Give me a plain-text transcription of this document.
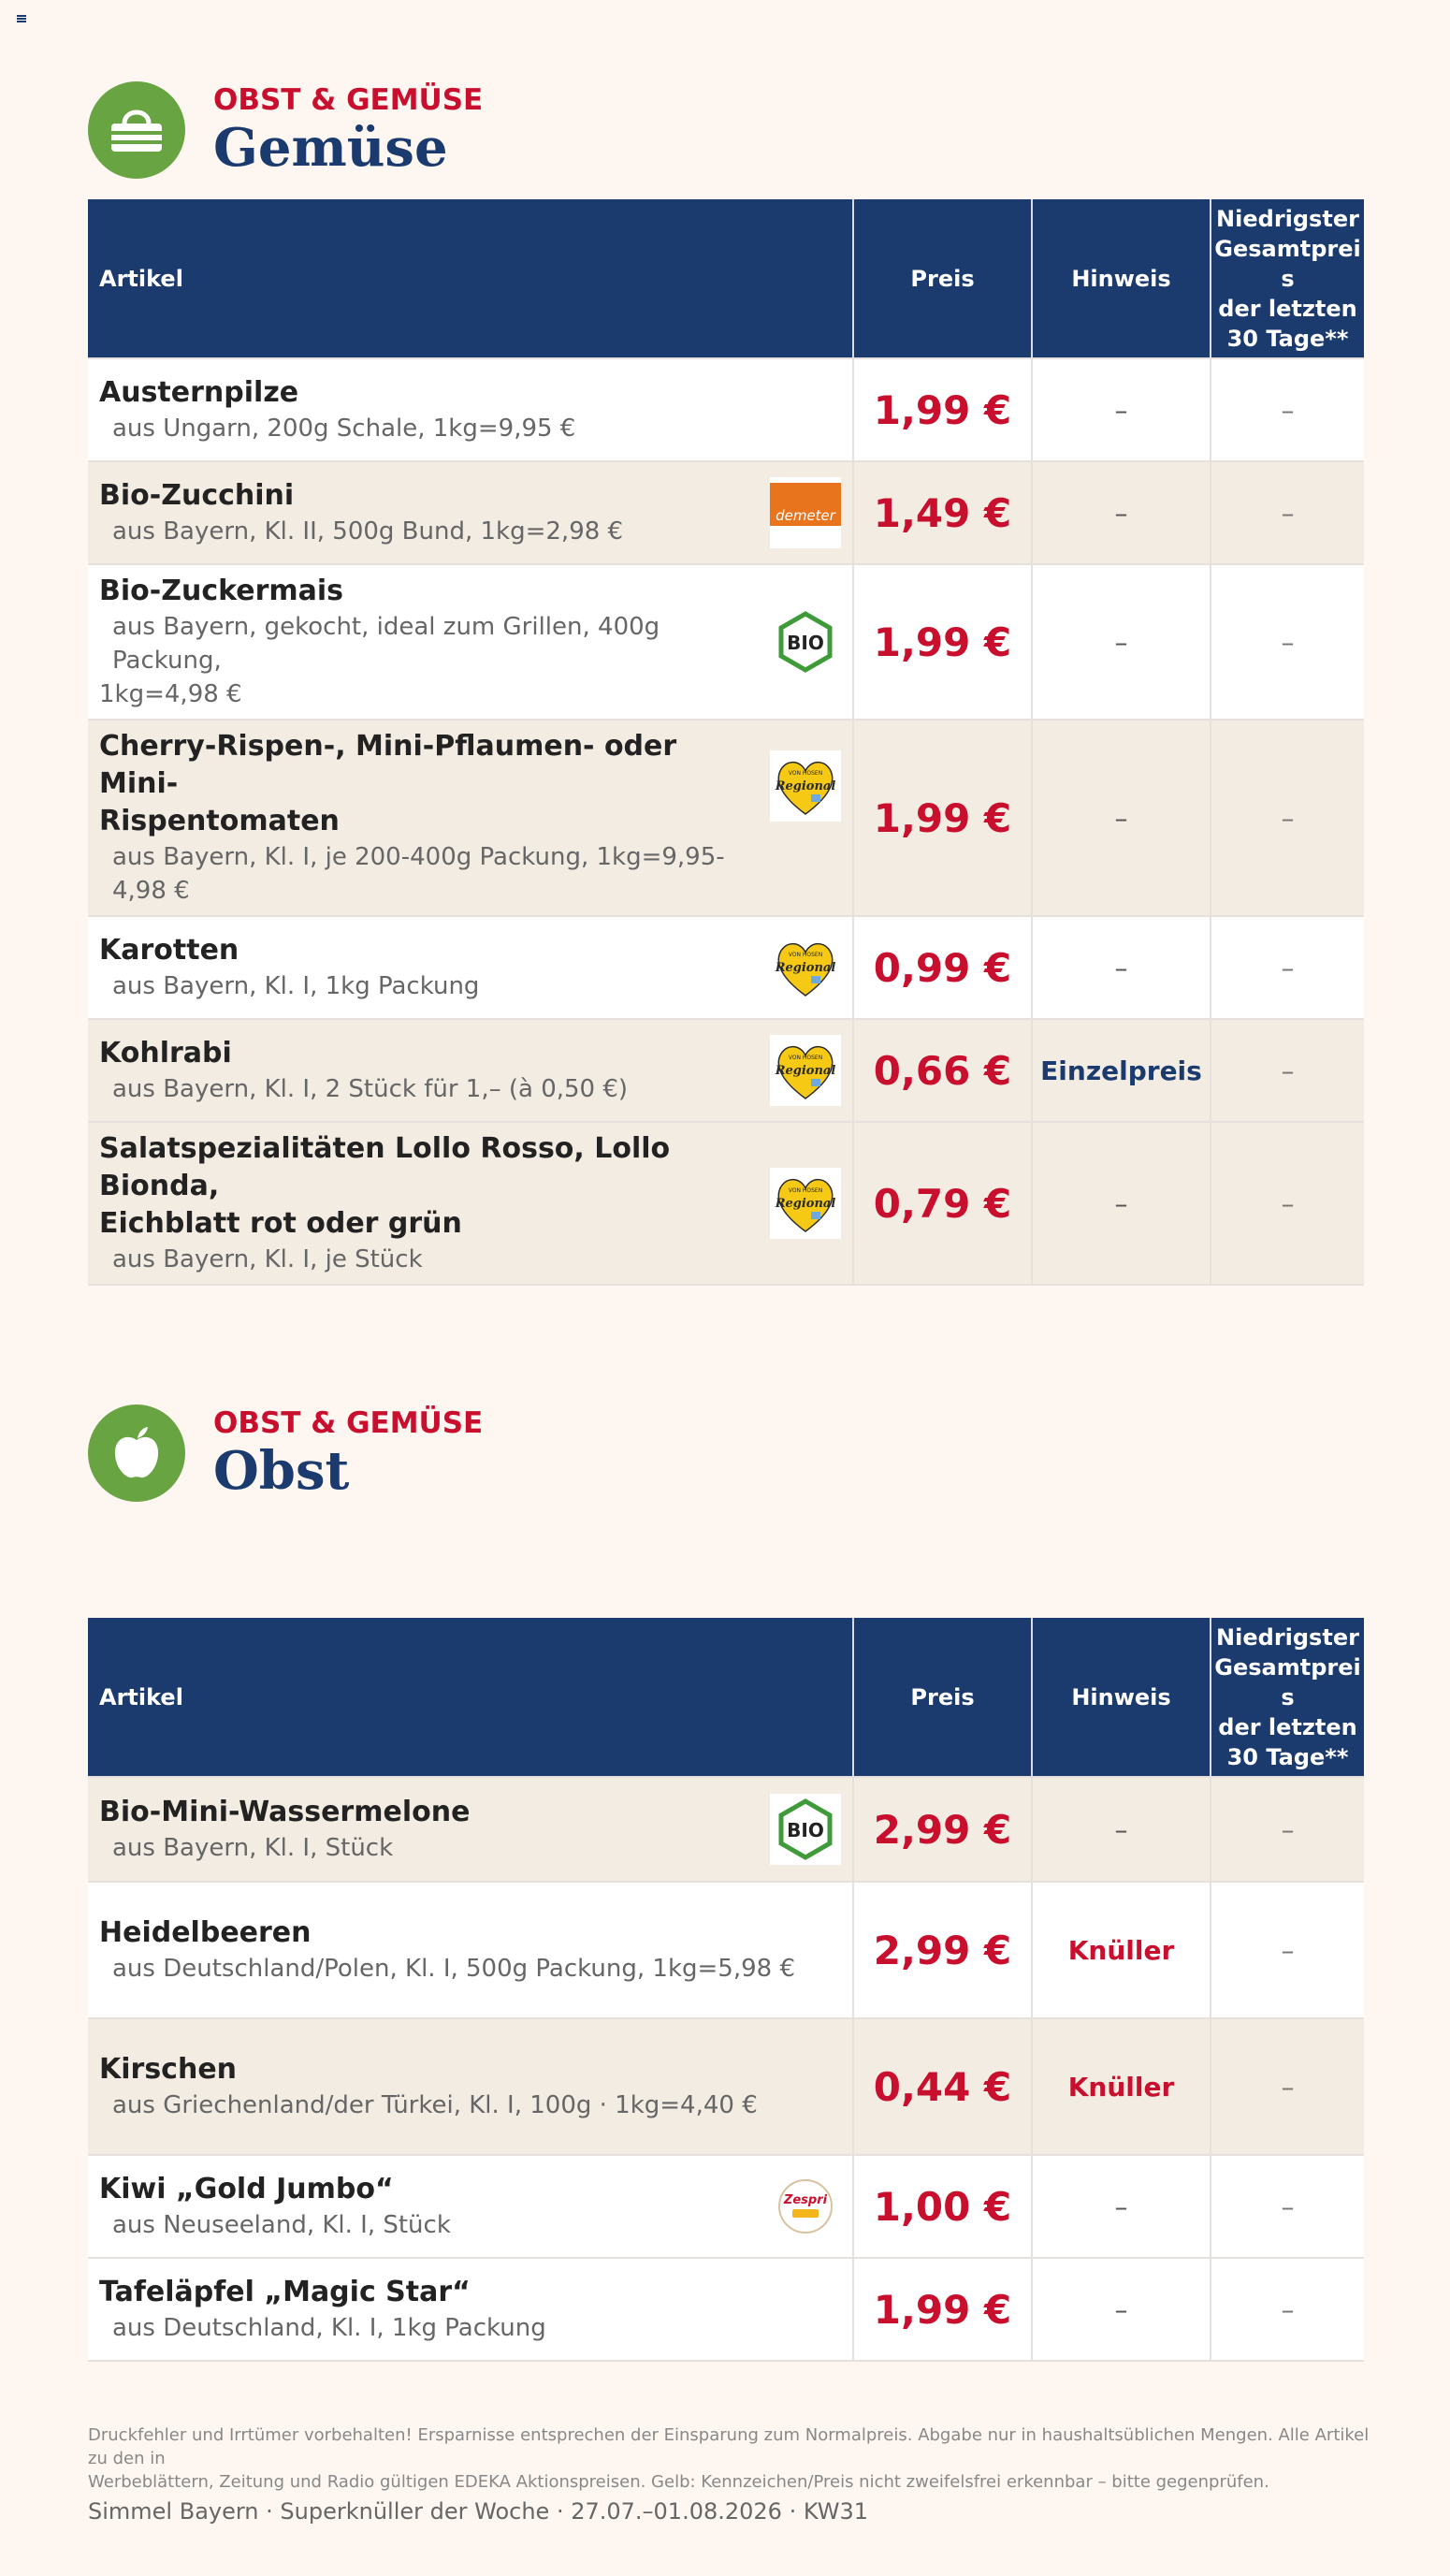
OBST & GEMÜSE
Gemüse
Artikel	Preis	Hinweis	Niedrigster
Gesamtprei
s
der letzten
30 Tage**

Austernpilze
aus Ungarn, 200g Schale, 1kg=9,95 €	1,99 €	–	–

Bio-Zucchini
aus Bayern, Kl. II, 500g Bund, 1kg=2,98 €
demeter	1,49 €	–	–

Bio-Zuckermais
aus Bayern, gekocht, ideal zum Grillen, 400g Packung,
1kg=4,98 €
BIO	1,99 €	–	–

Cherry-Rispen-, Mini-Pflaumen- oder Mini-
Rispentomaten
aus Bayern, Kl. I, je 200-400g Packung, 1kg=9,95-4,98 €
VON HOSEN
Regional	1,99 €	–	–

Karotten
aus Bayern, Kl. I, 1kg Packung
VON HOSEN
Regional	0,99 €	–	–

Kohlrabi
aus Bayern, Kl. I, 2 Stück für 1,– (à 0,50 €)
VON HOSEN
Regional	0,66 €	Einzelpreis	–

Salatspezialitäten Lollo Rosso, Lollo Bionda,
Eichblatt rot oder grün
aus Bayern, Kl. I, je Stück
VON HOSEN
Regional	0,79 €	–	–
OBST & GEMÜSE
Obst
Artikel	Preis	Hinweis	Niedrigster
Gesamtprei
s
der letzten
30 Tage**

Bio-Mini-Wassermelone
aus Bayern, Kl. I, Stück
BIO	2,99 €	–	–

Heidelbeeren
aus Deutschland/Polen, Kl. I, 500g Packung, 1kg=5,98 €	2,99 €	Knüller	–

Kirschen
aus Griechenland/der Türkei, Kl. I, 100g · 1kg=4,40 €	0,44 €	Knüller	–

Kiwi „Gold Jumbo“
aus Neuseeland, Kl. I, Stück
Zespri	1,00 €	–	–

Tafeläpfel „Magic Star“
aus Deutschland, Kl. I, 1kg Packung	1,99 €	–	–
Druckfehler und Irrtümer vorbehalten! Ersparnisse entsprechen der Einsparung zum Normalpreis. Abgabe nur in haushaltsüblichen Mengen. Alle Artikel zu den in
Werbeblättern, Zeitung und Radio gültigen EDEKA Aktionspreisen. Gelb: Kennzeichen/Preis nicht zweifelsfrei erkennbar – bitte gegenprüfen.
Simmel Bayern · Superknüller der Woche · 27.07.–01.08.2026 · KW31
